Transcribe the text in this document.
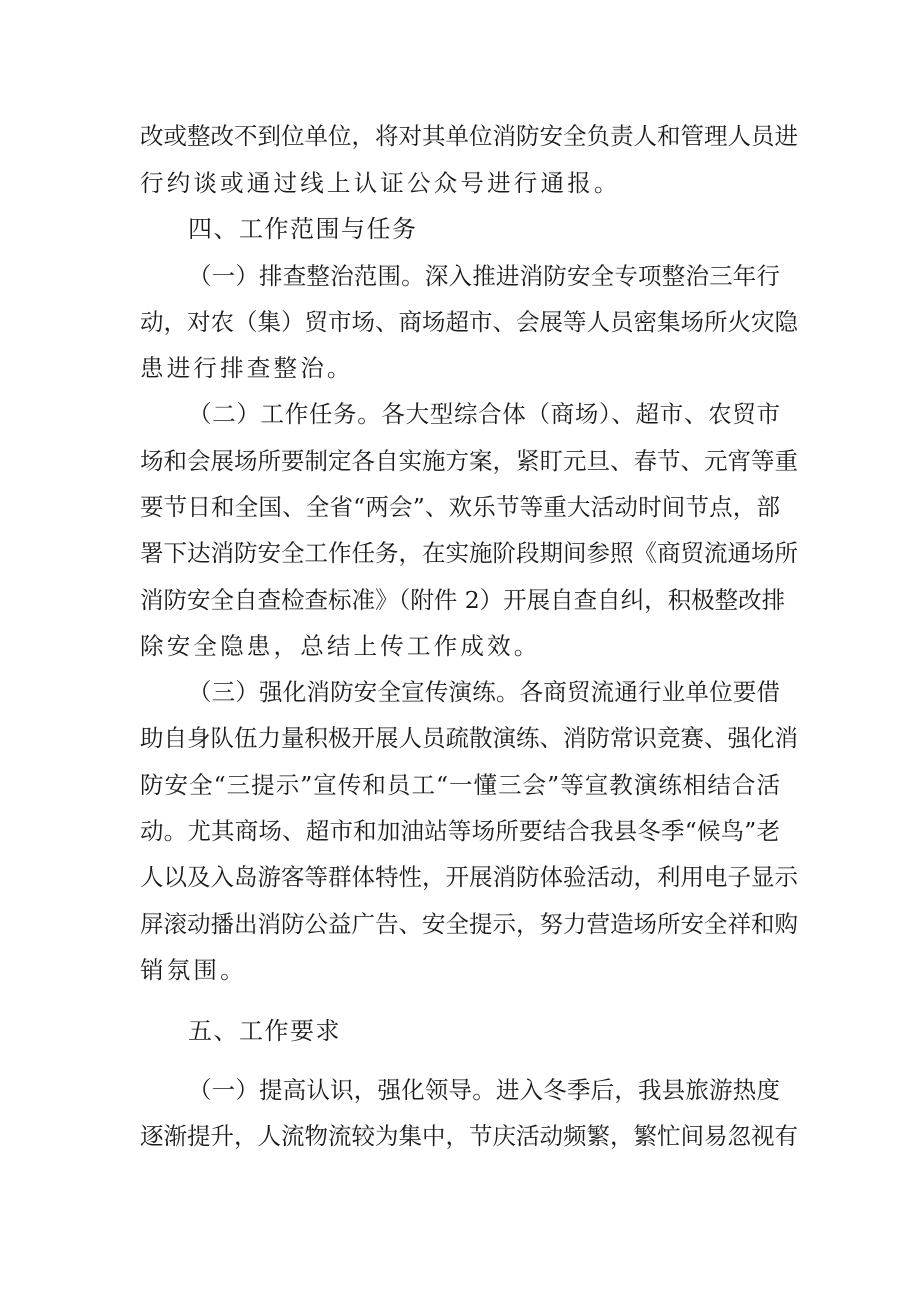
改或整改不到位单位，将对其单位消防安全负责人和管理人员进
行约谈或通过线上认证公众号进行通报。
四、工作范围与任务
（一）排查整治范围。深入推进消防安全专项整治三年行
动，对农（集）贸市场、商场超市、会展等人员密集场所火灾隐
患进行排查整治。
（二）工作任务。各大型综合体（商场）、超市、农贸市
场和会展场所要制定各自实施方案，紧盯元旦、春节、元宵等重
要节日和全国、全省“两会”、欢乐节等重大活动时间节点，部
署下达消防安全工作任务，在实施阶段期间参照《商贸流通场所
消防安全自查检查标准》（附件 2）开展自查自纠，积极整改排
除安全隐患，总结上传工作成效。
（三）强化消防安全宣传演练。各商贸流通行业单位要借
助自身队伍力量积极开展人员疏散演练、消防常识竞赛、强化消
防安全“三提示”宣传和员工“一懂三会”等宣教演练相结合活
动。尤其商场、超市和加油站等场所要结合我县冬季“候鸟”老
人以及入岛游客等群体特性，开展消防体验活动，利用电子显示
屏滚动播出消防公益广告、安全提示，努力营造场所安全祥和购
销氛围。
五、工作要求
（一）提高认识，强化领导。进入冬季后，我县旅游热度
逐渐提升，人流物流较为集中，节庆活动频繁，繁忙间易忽视有
